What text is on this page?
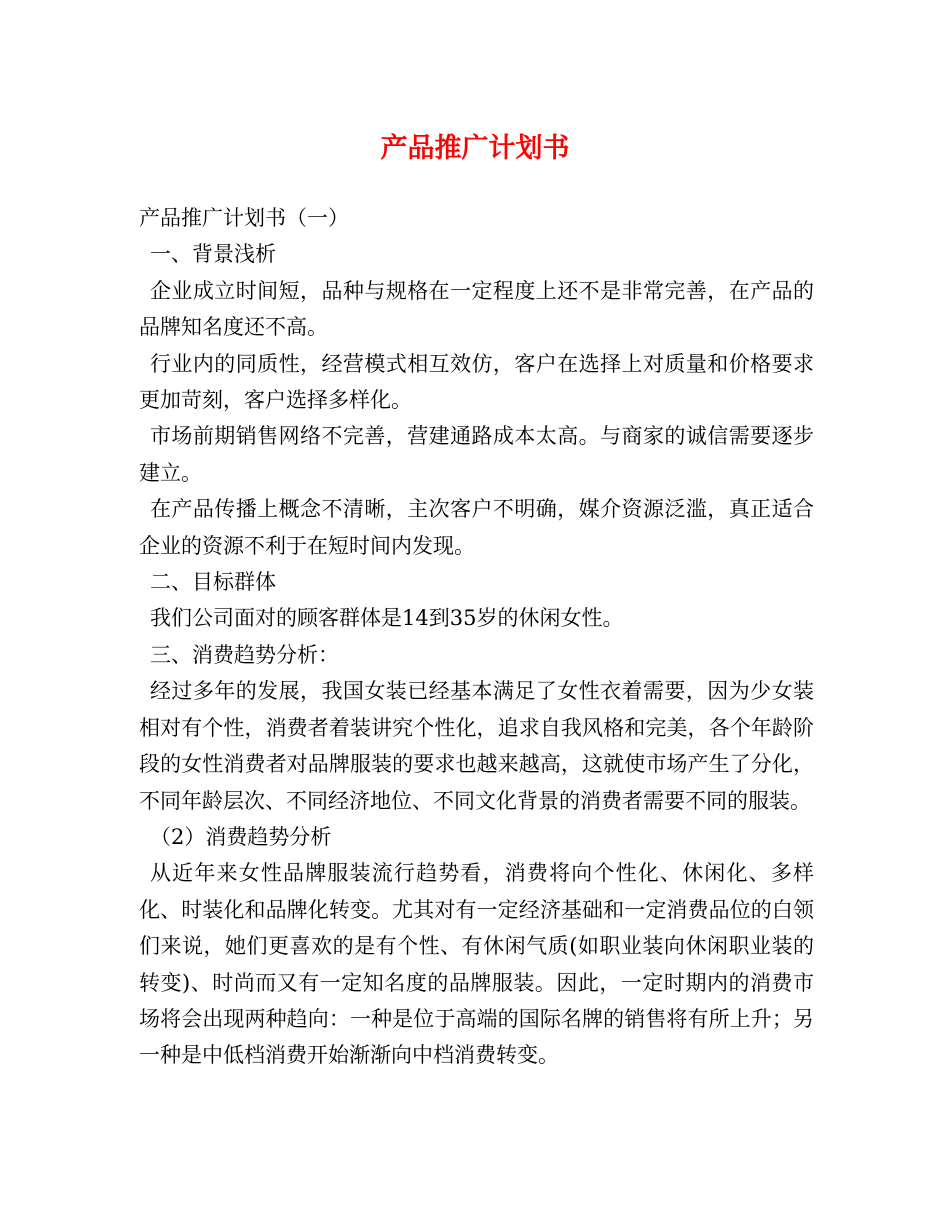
产品推广计划书

产品推广计划书（一）

一、背景浅析

企业成立时间短，品种与规格在一定程度上还不是非常完善，在产品的品牌知名度还不高。

行业内的同质性，经营模式相互效仿，客户在选择上对质量和价格要求更加苛刻，客户选择多样化。

市场前期销售网络不完善，营建通路成本太高。与商家的诚信需要逐步建立。

在产品传播上概念不清晰，主次客户不明确，媒介资源泛滥，真正适合企业的资源不利于在短时间内发现。

二、目标群体

我们公司面对的顾客群体是14到35岁的休闲女性。

三、消费趋势分析：

经过多年的发展，我国女装已经基本满足了女性衣着需要，因为少女装相对有个性，消费者着装讲究个性化，追求自我风格和完美，各个年龄阶段的女性消费者对品牌服装的要求也越来越高，这就使市场产生了分化，不同年龄层次、不同经济地位、不同文化背景的消费者需要不同的服装。

（2）消费趋势分析

从近年来女性品牌服装流行趋势看，消费将向个性化、休闲化、多样化、时装化和品牌化转变。尤其对有一定经济基础和一定消费品位的白领们来说，她们更喜欢的是有个性、有休闲气质(如职业装向休闲职业装的转变)、时尚而又有一定知名度的品牌服装。因此，一定时期内的消费市场将会出现两种趋向：一种是位于高端的国际名牌的销售将有所上升；另一种是中低档消费开始渐渐向中档消费转变。
